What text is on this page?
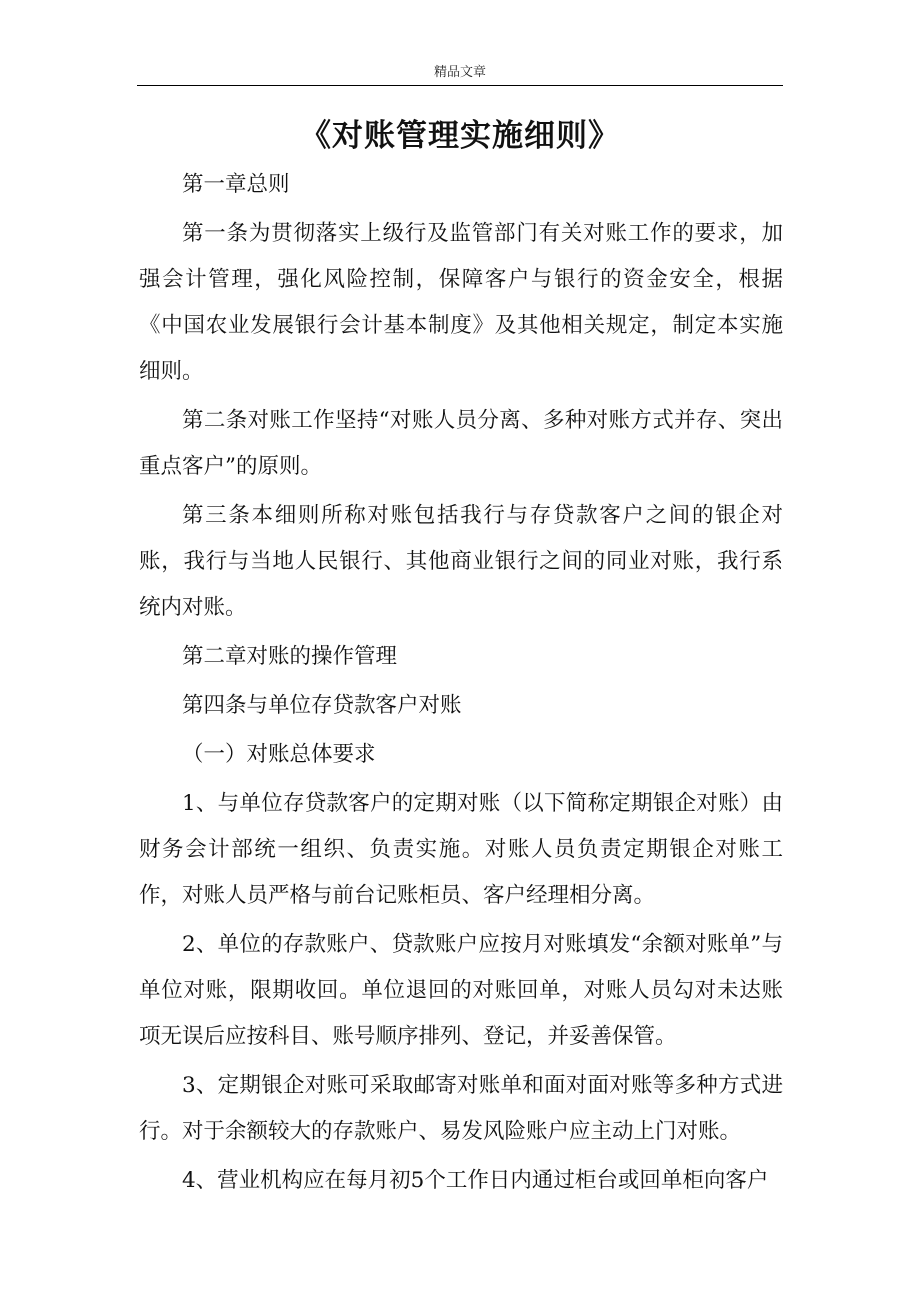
精品文章
《对账管理实施细则》

第一章总则

第一条为贯彻落实上级行及监管部门有关对账工作的要求，加强会计管理，强化风险控制，保障客户与银行的资金安全，根据《中国农业发展银行会计基本制度》及其他相关规定，制定本实施细则。

第二条对账工作坚持“对账人员分离、多种对账方式并存、突出重点客户”的原则。

第三条本细则所称对账包括我行与存贷款客户之间的银企对账，我行与当地人民银行、其他商业银行之间的同业对账，我行系统内对账。

第二章对账的操作管理

第四条与单位存贷款客户对账

（一）对账总体要求

1、与单位存贷款客户的定期对账（以下简称定期银企对账）由财务会计部统一组织、负责实施。对账人员负责定期银企对账工作，对账人员严格与前台记账柜员、客户经理相分离。

2、单位的存款账户、贷款账户应按月对账填发“余额对账单”与单位对账，限期收回。单位退回的对账回单，对账人员勾对未达账项无误后应按科目、账号顺序排列、登记，并妥善保管。

3、定期银企对账可采取邮寄对账单和面对面对账等多种方式进行。对于余额较大的存款账户、易发风险账户应主动上门对账。

4、营业机构应在每月初5个工作日内通过柜台或回单柜向客户
